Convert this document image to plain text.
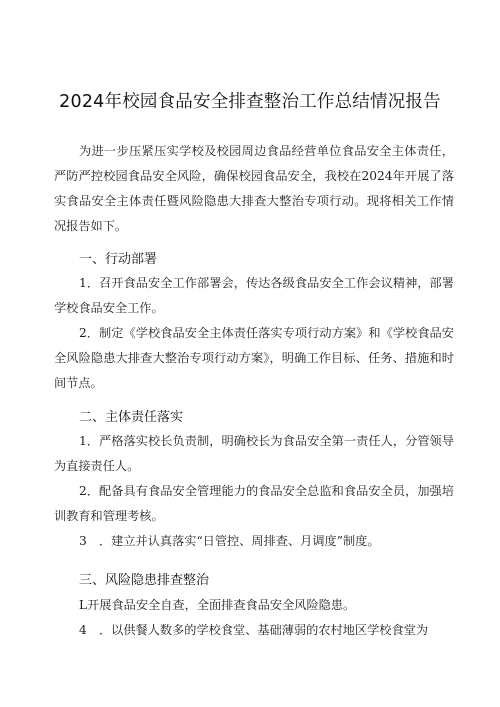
2024年校园食品安全排查整治工作总结情况报告

为进一步压紧压实学校及校园周边食品经营单位食品安全主体责任，严防严控校园食品安全风险，确保校园食品安全，我校在2024年开展了落实食品安全主体责任暨风险隐患大排查大整治专项行动。现将相关工作情况报告如下。

一、行动部署

1．召开食品安全工作部署会，传达各级食品安全工作会议精神，部署学校食品安全工作。

2．制定《学校食品安全主体责任落实专项行动方案》和《学校食品安全风险隐患大排查大整治专项行动方案》，明确工作目标、任务、措施和时间节点。

二、主体责任落实

1．严格落实校长负责制，明确校长为食品安全第一责任人，分管领导为直接责任人。

2．配备具有食品安全管理能力的食品安全总监和食品安全员，加强培训教育和管理考核。

3　．建立并认真落实“日管控、周排查、月调度”制度。

三、风险隐患排查整治

L开展食品安全自查，全面排查食品安全风险隐患。

4　．以供餐人数多的学校食堂、基础薄弱的农村地区学校食堂为
